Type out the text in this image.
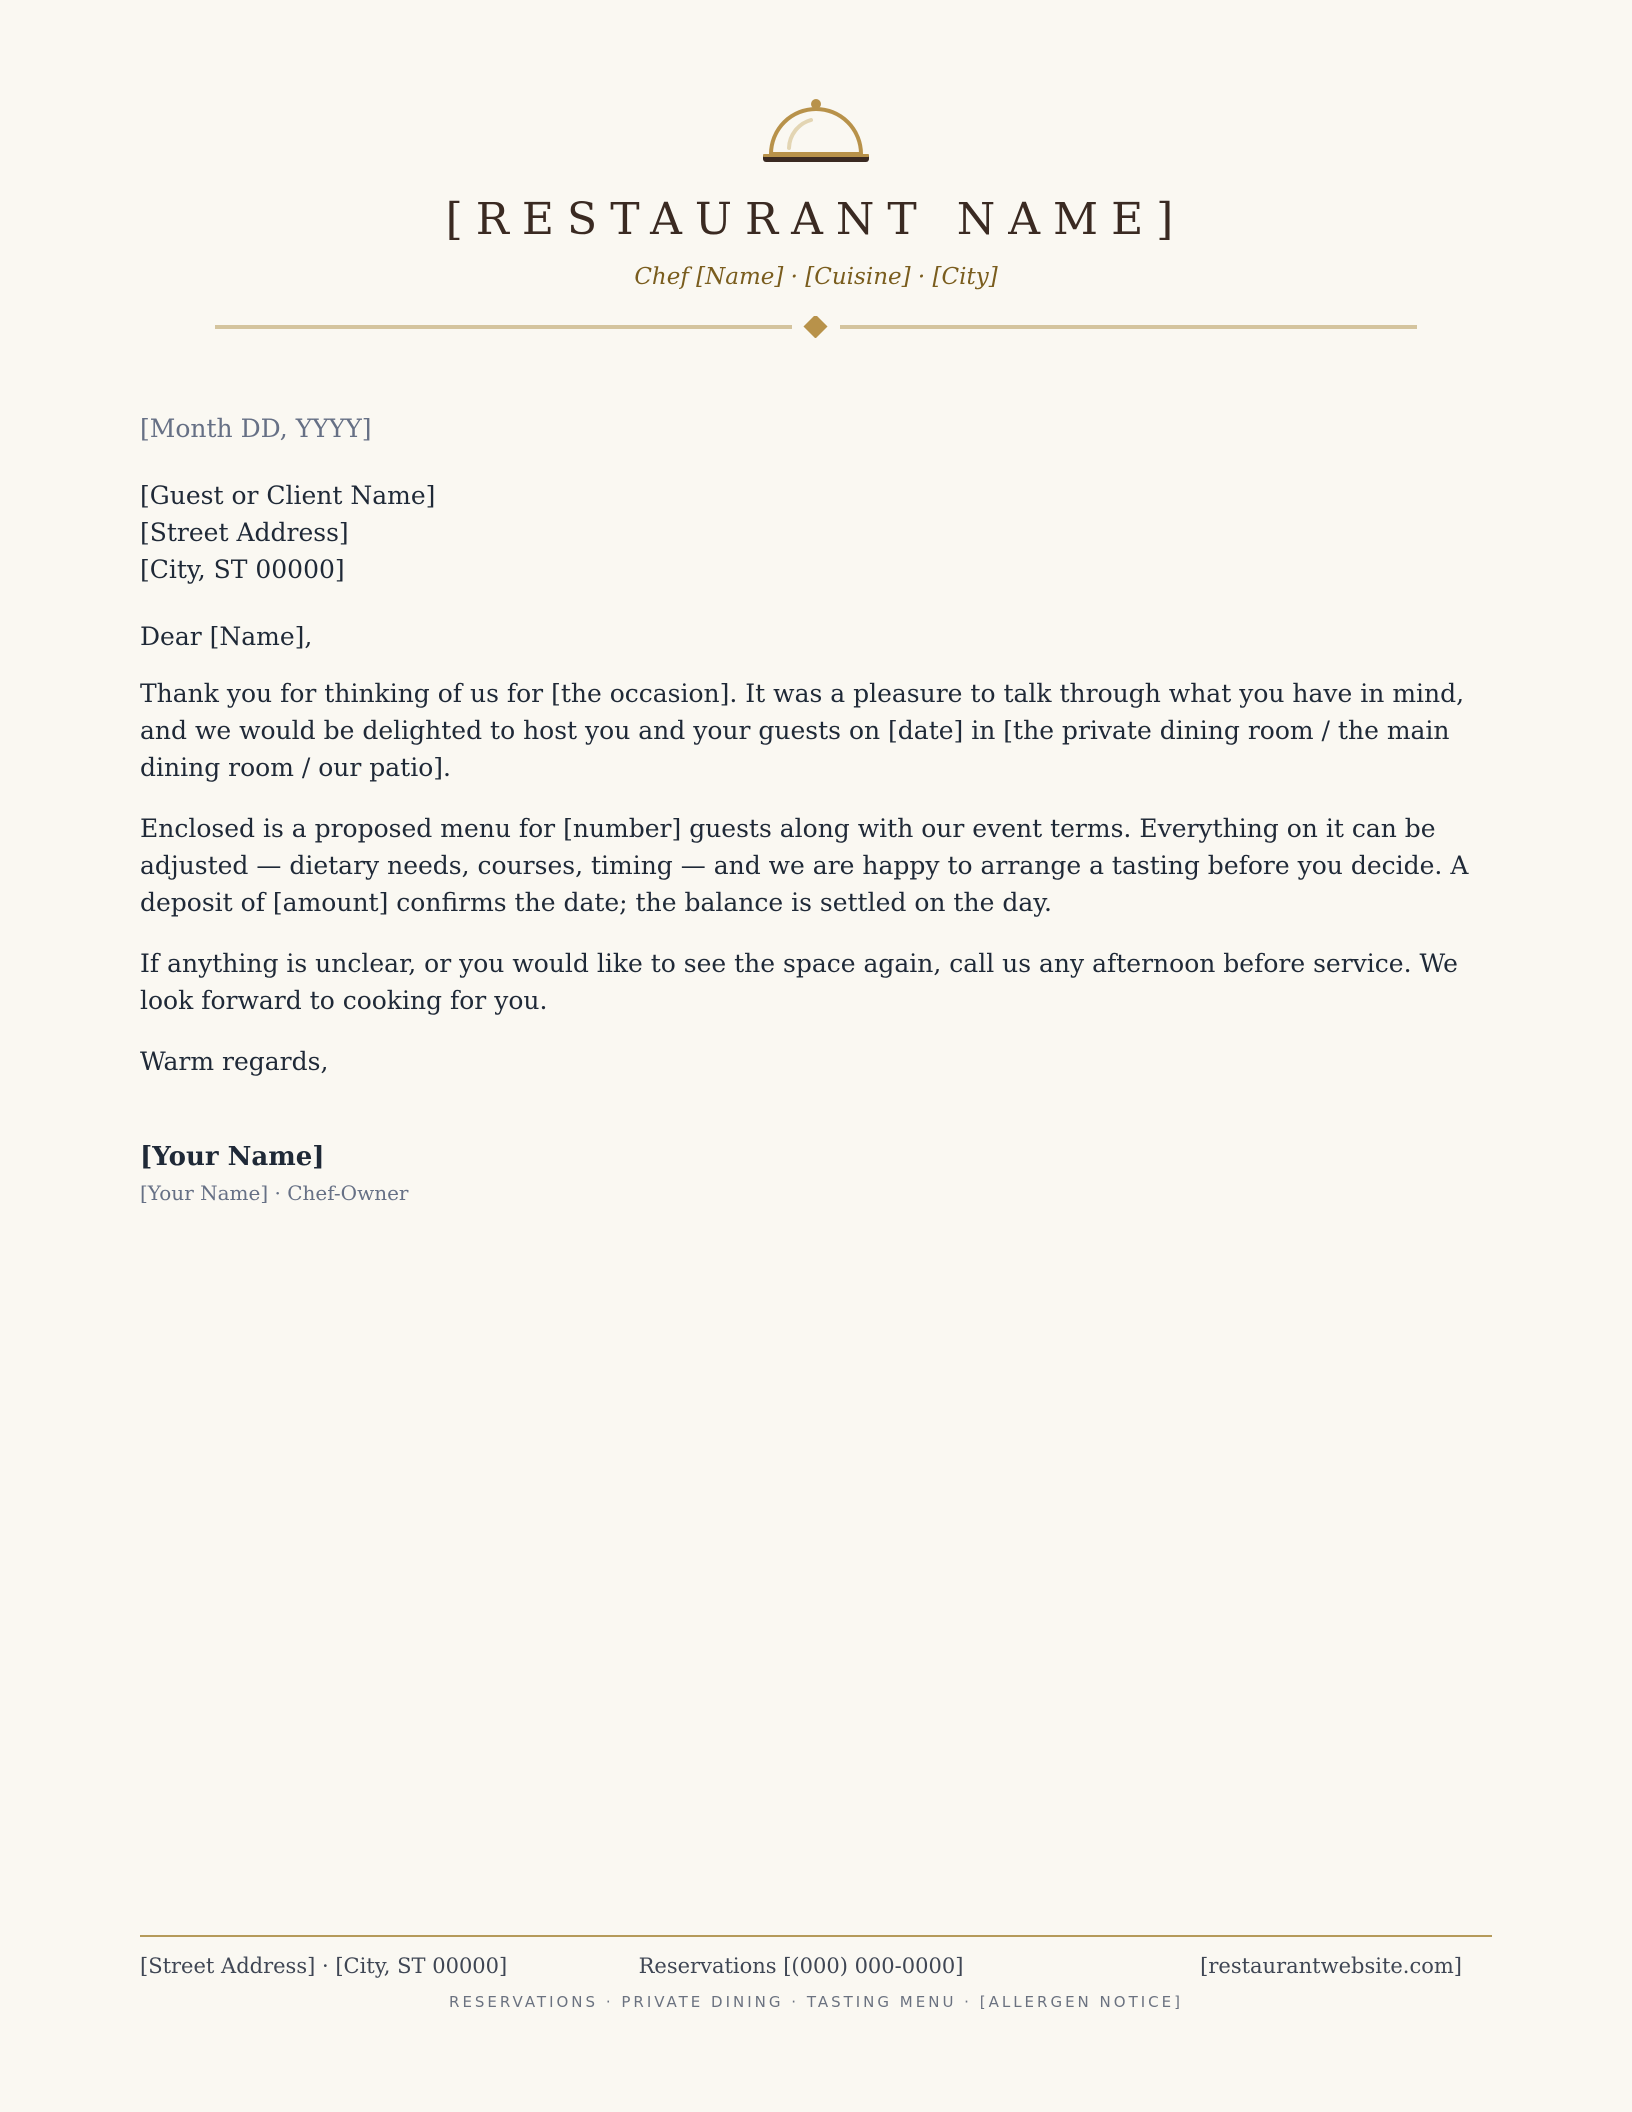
[RESTAURANT NAME]
Chef [Name] · [Cuisine] · [City]
[Month DD, YYYY]
[Guest or Client Name]
[Street Address]
[City, ST 00000]
Dear [Name],
Thank you for thinking of us for [the occasion]. It was a pleasure to talk through what you have in mind, and we would be delighted to host you and your guests on [date] in [the private dining room / the main dining room / our patio].
Enclosed is a proposed menu for [number] guests along with our event terms. Everything on it can be adjusted — dietary needs, courses, timing — and we are happy to arrange a tasting before you decide. A deposit of [amount] confirms the date; the balance is settled on the day.
If anything is unclear, or you would like to see the space again, call us any afternoon before service. We look forward to cooking for you.
Warm regards,
[Your Name]
[Your Name] · Chef-Owner
[Street Address] · [City, ST 00000]	Reservations [(000) 000-0000]	[restaurantwebsite.com]
RESERVATIONS · PRIVATE DINING · TASTING MENU · [ALLERGEN NOTICE]
